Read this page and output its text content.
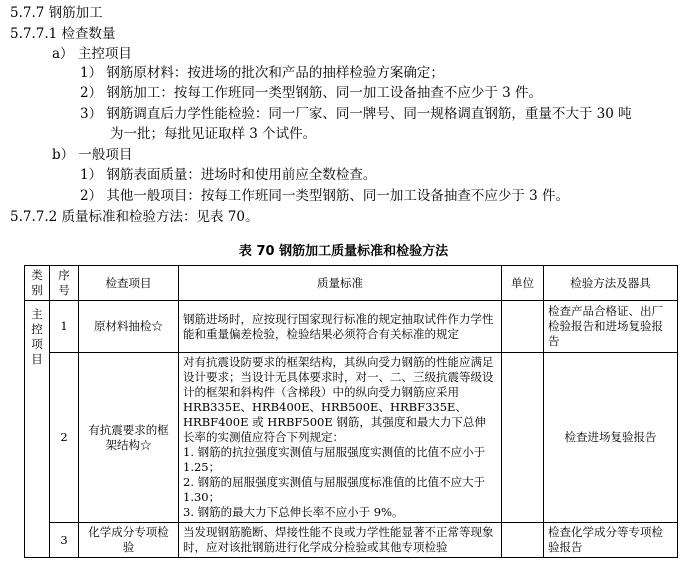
5.7.7 钢筋加工
5.7.7.1 检查数量
a） 主控项目
1） 钢筋原材料：按进场的批次和产品的抽样检验方案确定；
2） 钢筋加工：按每工作班同一类型钢筋、同一加工设备抽查不应少于 3 件。
3） 钢筋调直后力学性能检验：同一厂家、同一牌号、同一规格调直钢筋，重量不大于 30 吨
为一批；每批见证取样 3 个试件。
b） 一般项目
1） 钢筋表面质量：进场时和使用前应全数检查。
2） 其他一般项目：按每工作班同一类型钢筋、同一加工设备抽查不应少于 3 件。
5.7.7.2 质量标准和检验方法：见表 70。
表 70 钢筋加工质量标准和检验方法
类别	序号	检查项目	质量标准	单位	检验方法及器具
主控项目	1	原材料抽检☆	钢筋进场时，应按现行国家现行标准的规定抽取试件作力学性能和重量偏差检验，检验结果必须符合有关标准的规定		检查产品合格证、出厂检验报告和进场复验报告
	2	有抗震要求的框架结构☆	对有抗震设防要求的框架结构，其纵向受力钢筋的性能应满足设计要求；当设计无具体要求时，对一、二、三级抗震等级设计的框架和斜构件（含梯段）中的纵向受力钢筋应采用 HRB335E、HRB400E、HRB500E、HRBF335E、HRBF400E 或 HRBF500E 钢筋，其强度和最大力下总伸长率的实测值应符合下列规定：
1. 钢筋的抗拉强度实测值与屈服强度实测值的比值不应小于 1.25；
2. 钢筋的屈服强度实测值与屈服强度标准值的比值不应大于 1.30；
3. 钢筋的最大力下总伸长率不应小于 9%。		检查进场复验报告
	3	化学成分专项检验	当发现钢筋脆断、焊接性能不良或力学性能显著不正常等现象时，应对该批钢筋进行化学成分检验或其他专项检验		检查化学成分等专项检验报告
